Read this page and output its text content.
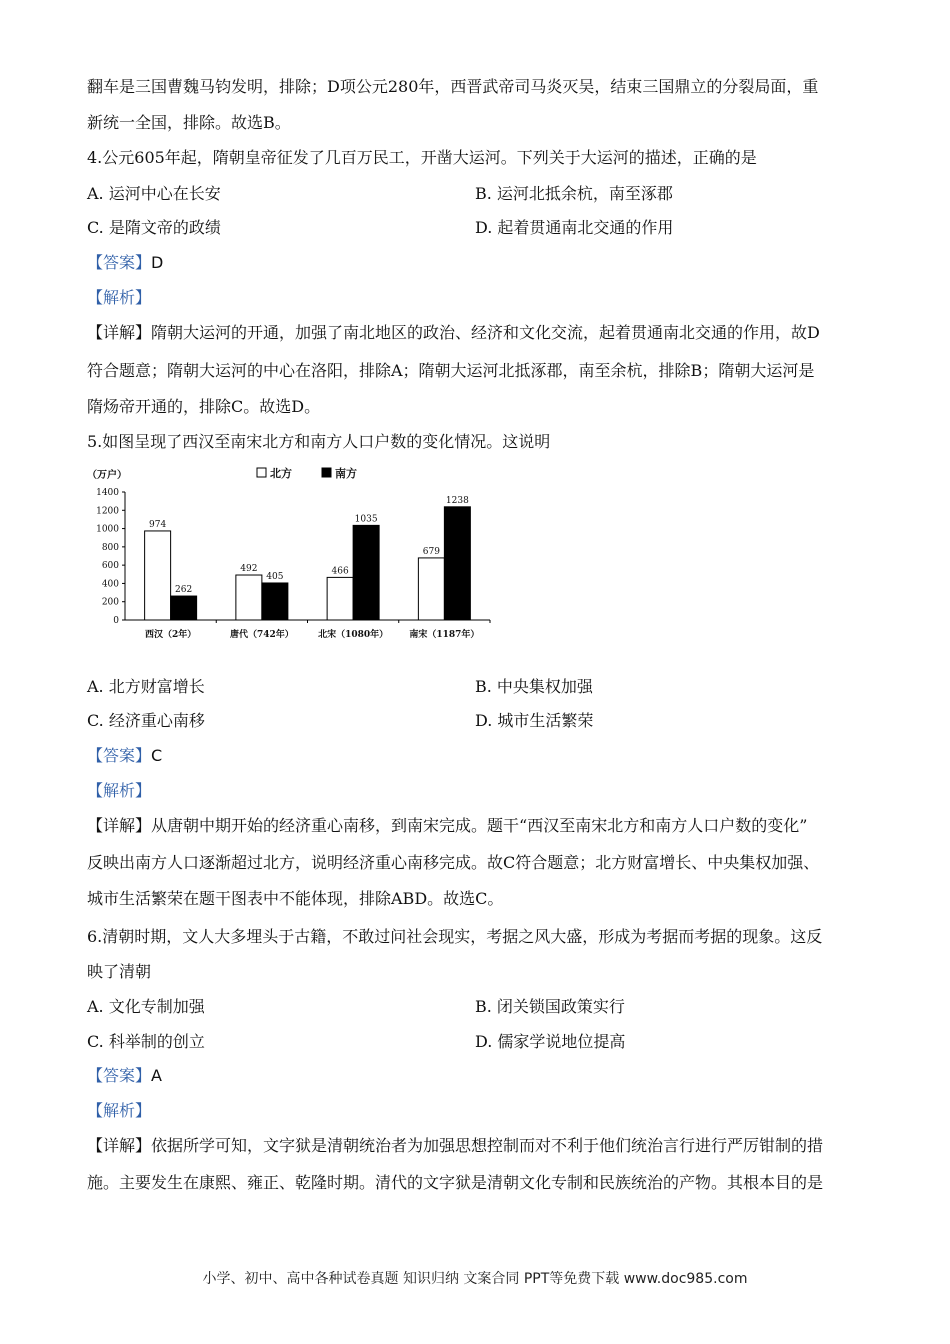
翻车是三国曹魏马钧发明，排除；D项公元280年，西晋武帝司马炎灭吴，结束三国鼎立的分裂局面，重
新统一全国，排除。故选B。
4.公元605年起，隋朝皇帝征发了几百万民工，开凿大运河。下列关于大运河的描述，正确的是
A. 运河中心在长安	B. 运河北抵余杭，南至涿郡
C. 是隋文帝的政绩	D. 起着贯通南北交通的作用
【答案】D
【解析】
【详解】隋朝大运河的开通，加强了南北地区的政治、经济和文化交流，起着贯通南北交通的作用，故D
符合题意；隋朝大运河的中心在洛阳，排除A；隋朝大运河北抵涿郡，南至余杭，排除B；隋朝大运河是
隋炀帝开通的，排除C。故选D。
5.如图呈现了西汉至南宋北方和南方人口户数的变化情况。这说明
（万户）	北方	南方
0
200
400
600
800
1000
1200
1400
974
262
西汉（2年）
492
405
唐代（742年）
466
1035
北宋（1080年）
679
1238
南宋（1187年）
A. 北方财富增长	B. 中央集权加强
C. 经济重心南移	D. 城市生活繁荣
【答案】C
【解析】
【详解】从唐朝中期开始的经济重心南移，到南宋完成。题干“西汉至南宋北方和南方人口户数的变化”
反映出南方人口逐渐超过北方，说明经济重心南移完成。故C符合题意；北方财富增长、中央集权加强、
城市生活繁荣在题干图表中不能体现，排除ABD。故选C。
6.清朝时期，文人大多埋头于古籍，不敢过问社会现实，考据之风大盛，形成为考据而考据的现象。这反
映了清朝
A. 文化专制加强	B. 闭关锁国政策实行
C. 科举制的创立	D. 儒家学说地位提高
【答案】A
【解析】
【详解】依据所学可知，文字狱是清朝统治者为加强思想控制而对不利于他们统治言行进行严厉钳制的措
施。主要发生在康熙、雍正、乾隆时期。清代的文字狱是清朝文化专制和民族统治的产物。其根本目的是
小学、初中、高中各种试卷真题 知识归纳 文案合同 PPT等免费下载 www.doc985.com
